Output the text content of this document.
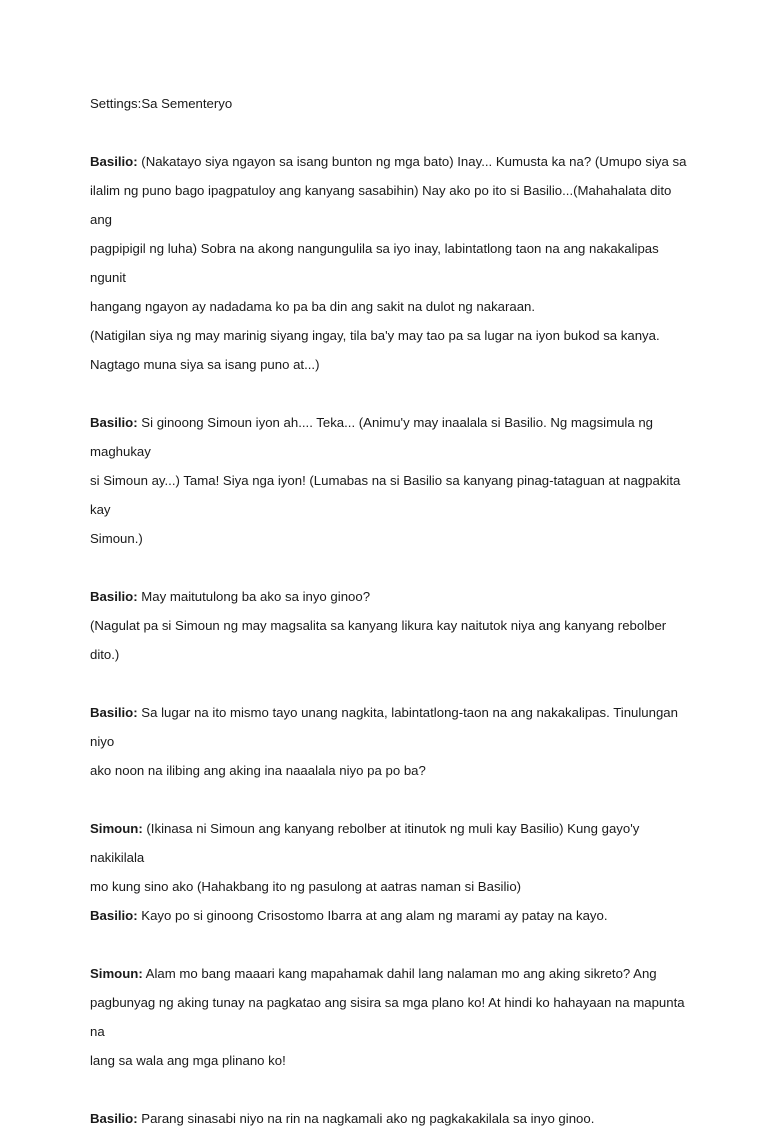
Settings:Sa Sementeryo

Basilio: (Nakatayo siya ngayon sa isang bunton ng mga bato) Inay... Kumusta ka na? (Umupo siya sa

ilalim ng puno bago ipagpatuloy ang kanyang sasabihin) Nay ako po ito si Basilio...(Mahahalata dito ang

pagpipigil ng luha) Sobra na akong nangungulila sa iyo inay, labintatlong taon na ang nakakalipas ngunit

hangang ngayon ay nadadama ko pa ba din ang sakit na dulot ng nakaraan.

(Natigilan siya ng may marinig siyang ingay, tila ba'y may tao pa sa lugar na iyon bukod sa kanya.

Nagtago muna siya sa isang puno at...)

Basilio: Si ginoong Simoun iyon ah.... Teka... (Animu'y may inaalala si Basilio. Ng magsimula ng maghukay

si Simoun ay...) Tama! Siya nga iyon! (Lumabas na si Basilio sa kanyang pinag-tataguan at nagpakita kay

Simoun.)

Basilio: May maitutulong ba ako sa inyo ginoo?

(Nagulat pa si Simoun ng may magsalita sa kanyang likura kay naitutok niya ang kanyang rebolber dito.)

Basilio: Sa lugar na ito mismo tayo unang nagkita, labintatlong-taon na ang nakakalipas. Tinulungan niyo

ako noon na ilibing ang aking ina naaalala niyo pa po ba?

Simoun: (Ikinasa ni Simoun ang kanyang rebolber at itinutok ng muli kay Basilio) Kung gayo'y nakikilala

mo kung sino ako (Hahakbang ito ng pasulong at aatras naman si Basilio)

Basilio: Kayo po si ginoong Crisostomo Ibarra at ang alam ng marami ay patay na kayo.

Simoun: Alam mo bang maaari kang mapahamak dahil lang nalaman mo ang aking sikreto? Ang

pagbunyag ng aking tunay na pagkatao ang sisira sa mga plano ko! At hindi ko hahayaan na mapunta na

lang sa wala ang mga plinano ko!

Basilio: Parang sinasabi niyo na rin na nagkamali ako ng pagkakakilala sa inyo ginoo.
